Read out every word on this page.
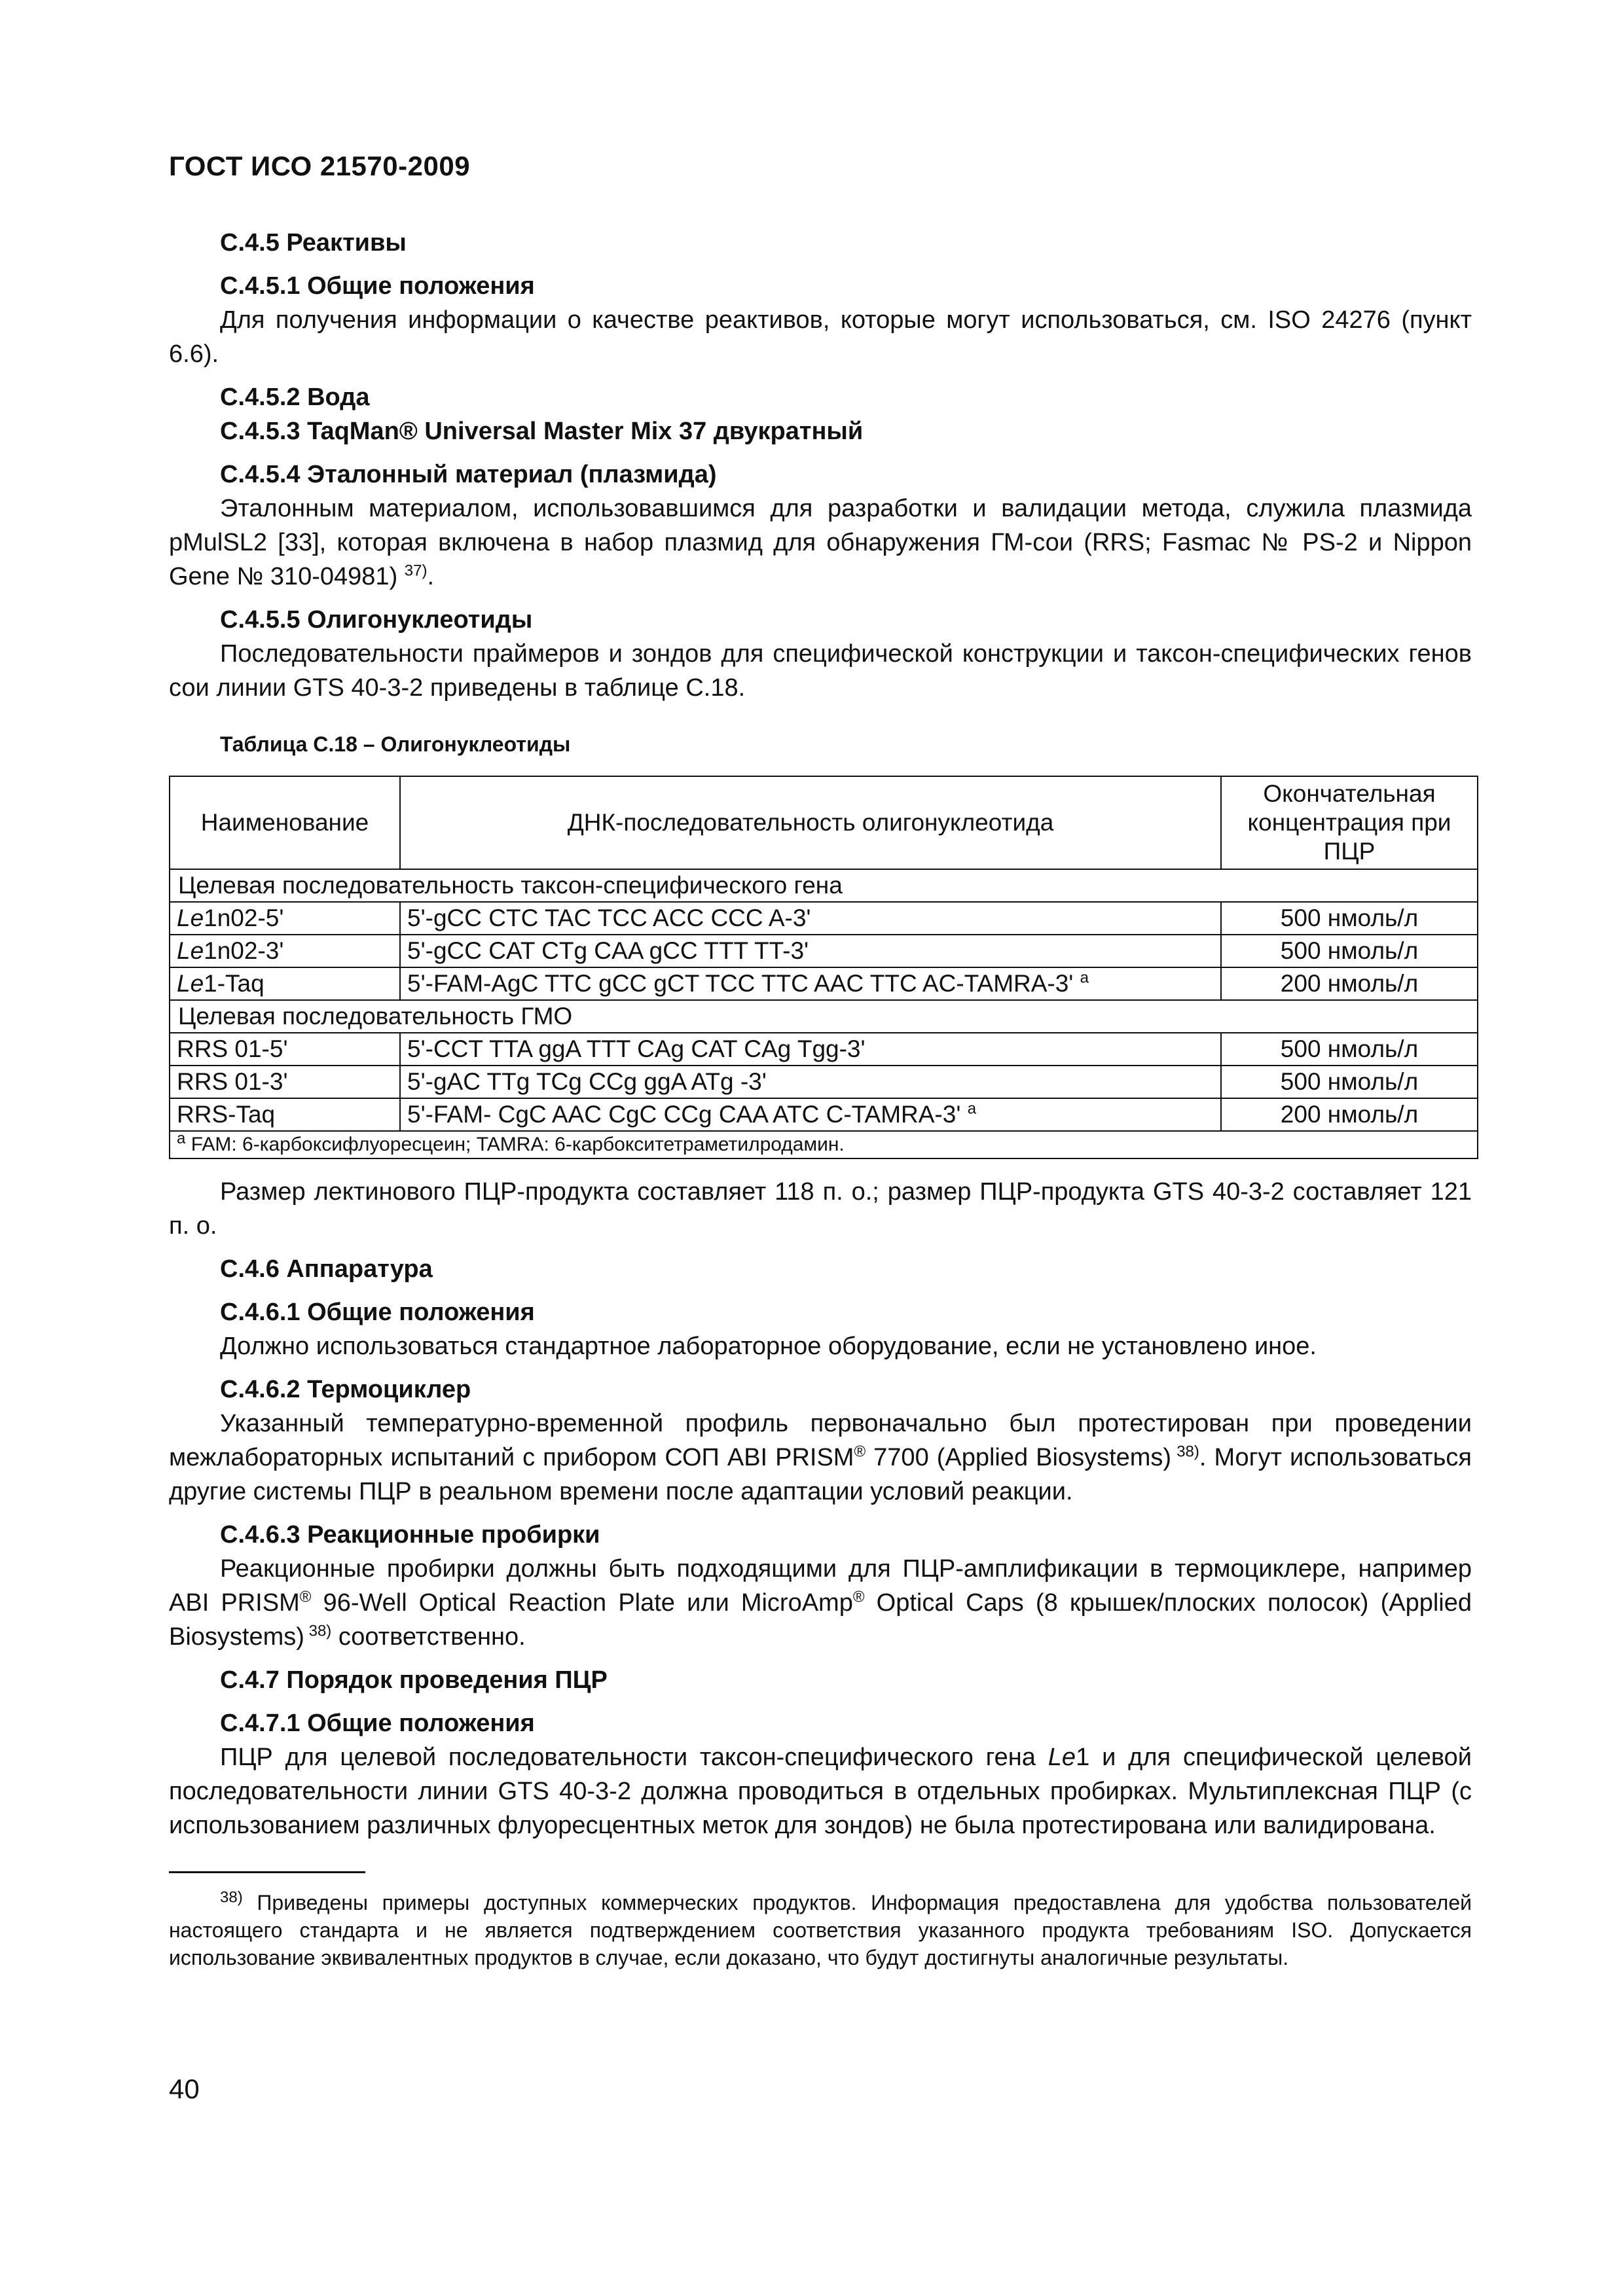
ГОСТ ИСО 21570-2009

С.4.5 Реактивы

С.4.5.1 Общие положения

Для получения информации о качестве реактивов, которые могут использоваться, см. ISO 24276 (пункт 6.6).

С.4.5.2 Вода

С.4.5.3 TaqMan® Universal Master Mix 37 двукратный

С.4.5.4 Эталонный материал (плазмида)

Эталонным материалом, использовавшимся для разработки и валидации метода, служила плазмида pMulSL2 [33], которая включена в набор плазмид для обнаружения ГМ-сои (RRS; Fasmac № PS-2 и Nippon Gene № 310-04981) $^{37)}$.

С.4.5.5 Олигонуклеотиды

Последовательности праймеров и зондов для специфической конструкции и таксон-специфических генов сои линии GTS 40-3-2 приведены в таблице С.18.

Таблица С.18 – Олигонуклеотиды
Наименование	ДНК-последовательность олигонуклеотида	Окончательная концентрация при ПЦР
Целевая последовательность таксон-специфического гена		
Le1n02-5'	5'-gCC CTC TAC TCC ACC CCC A-3'	500 нмоль/л
Le1n02-3'	5'-gCC CAT CTg CAA gCC TTT TT-3'	500 нмоль/л
Le1-Taq	5'-FAM-AgC TTC gCC gCT TCC TTC AAC TTC AC-TAMRA-3' $^a$	200 нмоль/л
Целевая последовательность ГМО		
RRS 01-5'	5'-CCT TTA ggA TTT CAg CAT CAg Tgg-3'	500 нмоль/л
RRS 01-3'	5'-gAC TTg TCg CCg ggA ATg -3'	500 нмоль/л
RRS-Taq	5'-FAM- CgC AAC CgC CCg CAA ATC C-TAMRA-3' $^a$	200 нмоль/л
$^a$ FAM: 6-карбоксифлуоресцеин; TAMRA: 6-карбокситетраметилродамин.		

Размер лектинового ПЦР-продукта составляет 118 п. о.; размер ПЦР-продукта GTS 40-3-2 составляет 121 п. о.

С.4.6 Аппаратура

С.4.6.1 Общие положения

Должно использоваться стандартное лабораторное оборудование, если не установлено иное.

С.4.6.2 Термоциклер

Указанный температурно-временной профиль первоначально был протестирован при проведении межлабораторных испытаний с прибором СОП ABI PRISM® 7700 (Applied Biosystems) $^{38)}$. Могут использоваться другие системы ПЦР в реальном времени после адаптации условий реакции.

С.4.6.3 Реакционные пробирки

Реакционные пробирки должны быть подходящими для ПЦР-амплификации в термоциклере, например ABI PRISM® 96-Well Optical Reaction Plate или MicroAmp® Optical Caps (8 крышек/плоских полосок) (Applied Biosystems) $^{38)}$ соответственно.

С.4.7 Порядок проведения ПЦР

С.4.7.1 Общие положения

ПЦР для целевой последовательности таксон-специфического гена Le1 и для специфической целевой последовательности линии GTS 40-3-2 должна проводиться в отдельных пробирках. Мультиплексная ПЦР (с использованием различных флуоресцентных меток для зондов) не была протестирована или валидирована.

$^{38)}$ Приведены примеры доступных коммерческих продуктов. Информация предоставлена для удобства пользователей настоящего стандарта и не является подтверждением соответствия указанного продукта требованиям ISO. Допускается использование эквивалентных продуктов в случае, если доказано, что будут достигнуты аналогичные результаты.

40
